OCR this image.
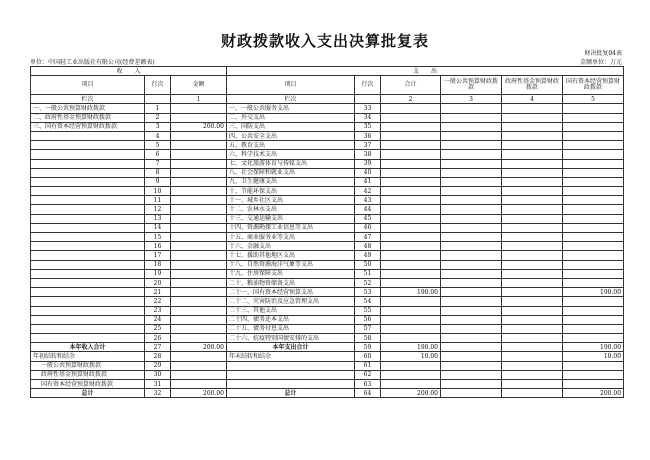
财政拨款收入支出决算批复表
财决批复04表
单位：中国轻工业出版社有限公司(经费差额表)	金额单位：万元
收　　入			支　　出					
项目	行次	金额	项目	行次	合计	一般公共预算财政拨款	政府性基金预算财政拨款	国有资本经营预算财政拨款
栏次		1	栏次		2	3	4	5
一、一般公共预算财政拨款	1		一、一般公共服务支出	33				
二、政府性基金预算财政拨款	2		二、外交支出	34				
三、国有资本经营预算财政拨款	3	200.00	三、国防支出	35				
	4		四、公共安全支出	36				
	5		五、教育支出	37				
	6		六、科学技术支出	38				
	7		七、文化旅游体育与传媒支出	39				
	8		八、社会保障和就业支出	40				
	9		九、卫生健康支出	41				
	10		十、节能环保支出	42				
	11		十一、城乡社区支出	43				
	12		十二、农林水支出	44				
	13		十三、交通运输支出	45				
	14		十四、资源勘探工业信息等支出	46				
	15		十五、商业服务业等支出	47				
	16		十六、金融支出	48				
	17		十七、援助其他地区支出	49				
	18		十八、自然资源海洋气象等支出	50				
	19		十九、住房保障支出	51				
	20		二十、粮油物资储备支出	52				
	21		二十一、国有资本经营预算支出	53	190.00			190.00
	22		二十二、灾害防治及应急管理支出	54				
	23		二十三、其他支出	55				
	24		二十四、债务还本支出	56				
	25		二十五、债务付息支出	57				
	26		二十六、抗疫特别国债安排的支出	58				
本年收入合计	27	200.00	本年支出合计	59	190.00			190.00
年初结转和结余	28		年末结转和结余	60	10.00			10.00
一般公共预算财政拨款	29			61				
政府性基金预算财政拨款	30			62				
国有资本经营预算财政拨款	31			63				
总计	32	200.00	总计	64	200.00			200.00
